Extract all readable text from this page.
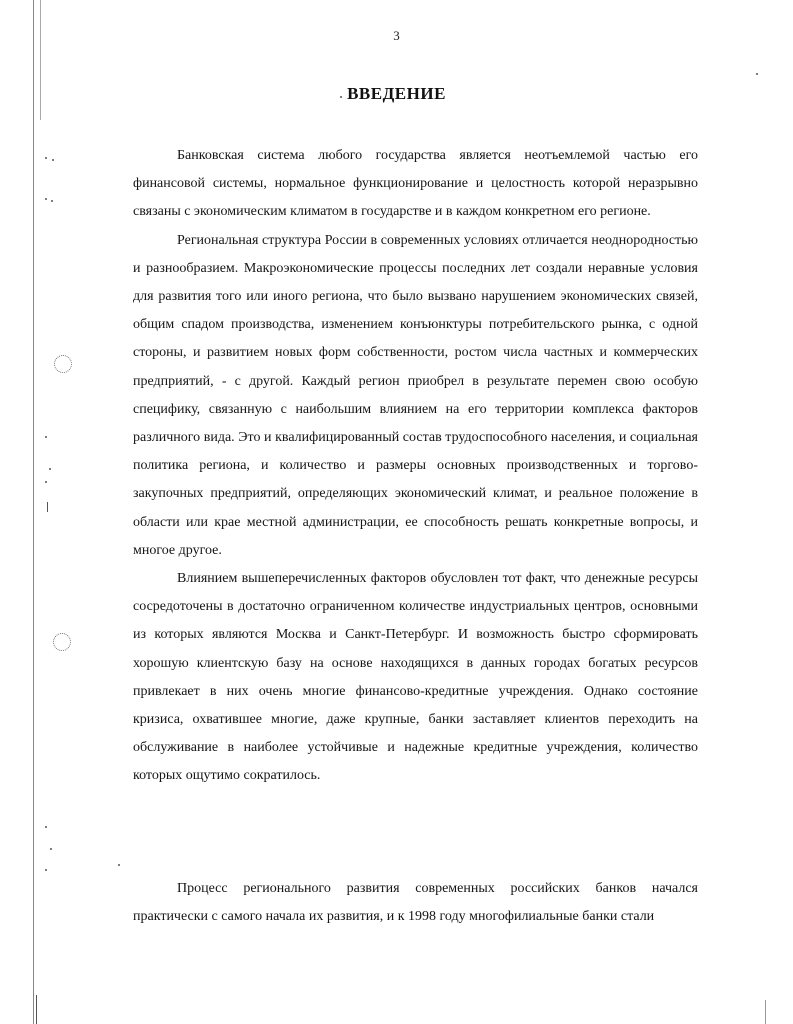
3
ВВЕДЕНИЕ

Банковская система любого государства является неотъемлемой частью его финансовой системы, нормальное функционирование и целостность которой неразрывно связаны с экономическим климатом в государстве и в каждом конкретном его регионе.

Региональная структура России в современных условиях отличается неоднородностью и разнообразием. Макроэкономические процессы последних лет создали неравные условия для развития того или иного региона, что было вызвано нарушением экономических связей, общим спадом производства, изменением конъюнктуры потребительского рынка, с одной стороны, и развитием новых форм собственности, ростом числа частных и коммерческих предприятий, - с другой. Каждый регион приобрел в результате перемен свою особую специфику, связанную с наибольшим влиянием на его территории комплекса факторов различного вида. Это и квалифицированный состав трудоспособного населения, и социальная политика региона, и количество и размеры основных производственных и торгово-закупочных предприятий, определяющих экономический климат, и реальное положение в области или крае местной администрации, ее способность решать конкретные вопросы, и многое другое.

Влиянием вышеперечисленных факторов обусловлен тот факт, что денежные ресурсы сосредоточены в достаточно ограниченном количестве индустриальных центров, основными из которых являются Москва и Санкт-Петербург. И возможность быстро сформировать хорошую клиентскую базу на основе находящихся в данных городах богатых ресурсов привлекает в них очень многие финансово-кредитные учреждения. Однако состояние кризиса, охватившее многие, даже крупные, банки заставляет клиентов переходить на обслуживание в наиболее устойчивые и надежные кредитные учреждения, количество которых ощутимо сократилось.

Процесс регионального развития современных российских банков начался практически с самого начала их развития, и к 1998 году многофилиальные банки стали
